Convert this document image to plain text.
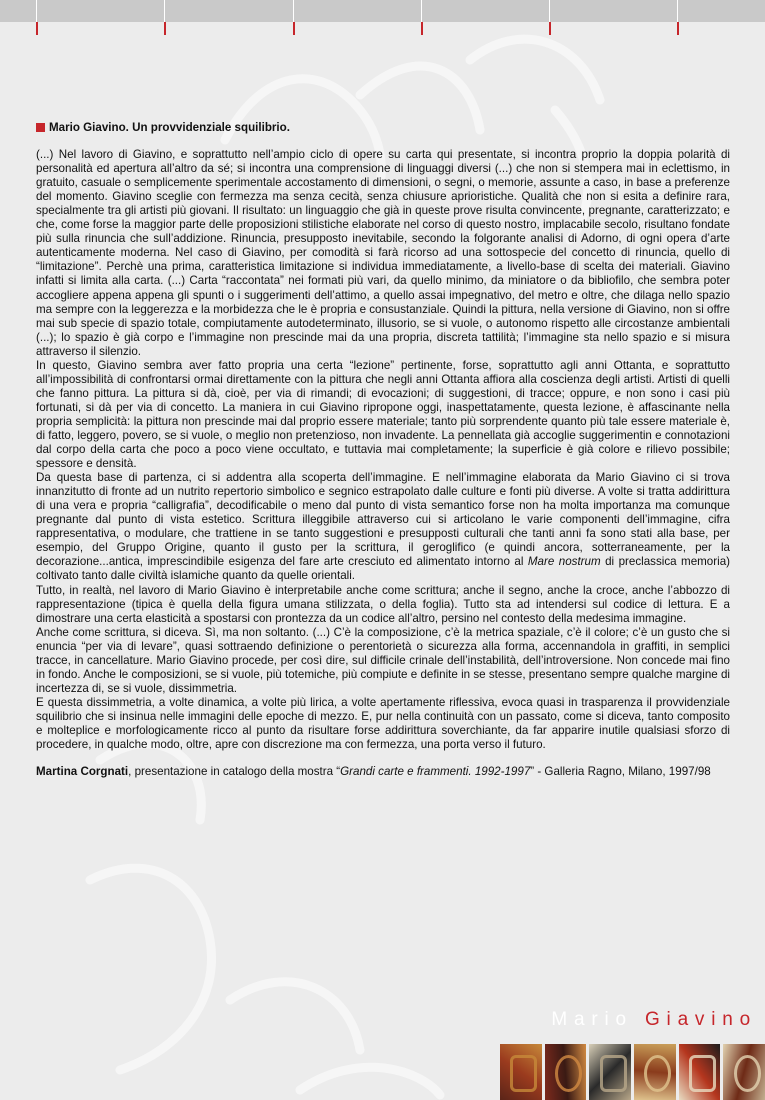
Mario Giavino. Un provvidenziale squilibrio.
(...) Nel lavoro di Giavino, e soprattutto nell’ampio ciclo di opere su carta qui presentate, si incontra proprio la doppia polarità di personalità ed apertura all’altro da sé; si incontra una comprensione di linguaggi diversi (...) che non si stempera mai in eclettismo, in gratuito, casuale o semplicemente sperimentale accostamento di dimensioni, o segni, o memorie, assunte a caso, in base a preferenze del momento. Giavino sceglie con fermezza ma senza cecità, senza chiusure aprioristiche. Qualità che non si esita a definire rara, specialmente tra gli artisti più giovani. Il risultato: un linguaggio che già in queste prove risulta convincente, pregnante, caratterizzato; e che, come forse la maggior parte delle proposizioni stilistiche elaborate nel corso di questo nostro, implacabile secolo, risultano fondate più sulla rinuncia che sull’addizione. Rinuncia, presupposto inevitabile, secondo la folgorante analisi di Adorno, di ogni opera d’arte autenticamente moderna. Nel caso di Giavino, per comodità si farà ricorso ad una sottospecie del concetto di rinuncia, quello di “limitazione”. Perchè una prima, caratteristica limitazione si individua immediatamente, a livello-base di scelta dei materiali. Giavino infatti si limita alla carta. (...) Carta “raccontata” nei formati più vari, da quello minimo, da miniatore o da bibliofilo, che sembra poter accogliere appena appena gli spunti o i suggerimenti dell’attimo, a quello assai impegnativo, del metro e oltre, che dilaga nello spazio ma sempre con la leggerezza e la morbidezza che le è propria e consustanziale. Quindi la pittura, nella versione di Giavino, non si offre mai sub specie di spazio totale, compiutamente autodeterminato, illusorio, se si vuole, o autonomo rispetto alle circostanze ambientali (...); lo spazio è già corpo e l’immagine non prescinde mai da una propria, discreta tattilità; l’immagine sta nello spazio e si misura attraverso il silenzio.
In questo, Giavino sembra aver fatto propria una certa “lezione” pertinente, forse, soprattutto agli anni Ottanta, e soprattutto all’impossibilità di confrontarsi ormai direttamente con la pittura che negli anni Ottanta affiora alla coscienza degli artisti. Artisti di quelli che fanno pittura. La pittura si dà, cioè, per via di rimandi; di evocazioni; di suggestioni, di tracce; oppure, e non sono i casi più fortunati, si dà per via di concetto. La maniera in cui Giavino ripropone oggi, inaspettatamente, questa lezione, è affascinante nella propria semplicità: la pittura non prescinde mai dal proprio essere materiale; tanto più sorprendente quanto più tale essere materiale è, di fatto, leggero, povero, se si vuole, o meglio non pretenzioso, non invadente. La pennellata già accoglie suggerimentin e connotazioni dal corpo della carta che poco a poco viene occultato, e tuttavia mai completamente; la superficie è già colore e rilievo possibile; spessore e densità.
Da questa base di partenza, ci si addentra alla scoperta dell’immagine. E nell’immagine elaborata da Mario Giavino ci si trova innanzitutto di fronte ad un nutrito repertorio simbolico e segnico estrapolato dalle culture e fonti più diverse. A volte si tratta addirittura di una vera e propria “calligrafia”, decodificabile o meno dal punto di vista semantico forse non ha molta importanza ma comunque pregnante dal punto di vista estetico. Scrittura illeggibile attraverso cui si articolano le varie componenti dell’immagine, cifra rappresentativa, o modulare, che trattiene in se tanto suggestioni e presupposti culturali che tanti anni fa sono stati alla base, per esempio, del Gruppo Origine, quanto il gusto per la scrittura, il geroglifico (e quindi ancora, sotterraneamente, per la decorazione...antica, imprescindibile esigenza del fare arte cresciuto ed alimentato intorno al Mare nostrum di preclassica memoria) coltivato tanto dalle civiltà islamiche quanto da quelle orientali.
Tutto, in realtà, nel lavoro di Mario Giavino è interpretabile anche come scrittura; anche il segno, anche la croce, anche l’abbozzo di rappresentazione (tipica è quella della figura umana stilizzata, o della foglia). Tutto sta ad intendersi sul codice di lettura. E a dimostrare una certa elasticità a spostarsi con prontezza da un codice all’altro, persino nel contesto della medesima immagine.
Anche come scrittura, si diceva. Sì, ma non soltanto. (...) C’è la composizione, c’è la metrica spaziale, c’è il colore; c’è un gusto che si enuncia “per via di levare”, quasi sottraendo definizione o perentorietà o sicurezza alla forma, accennandola in graffiti, in semplici tracce, in cancellature. Mario Giavino procede, per così dire, sul difficile crinale dell’instabilità, dell’introversione. Non concede mai fino in fondo. Anche le composizioni, se si vuole, più totemiche, più compiute e definite in se stesse, presentano sempre qualche margine di incertezza di, se si vuole, dissimmetria.
E questa dissimmetria, a volte dinamica, a volte più lirica, a volte apertamente riflessiva, evoca quasi in trasparenza il provvidenziale squilibrio che si insinua nelle immagini delle epoche di mezzo. E, pur nella continuità con un passato, come si diceva, tanto composito e molteplice e morfologicamente ricco al punto da risultare forse addirittura soverchiante, da far apparire inutile qualsiasi sforzo di procedere, in qualche modo, oltre, apre con discrezione ma con fermezza, una porta verso il futuro.
Martina Corgnati, presentazione in catalogo della mostra “Grandi carte e frammenti. 1992-1997” - Galleria Ragno, Milano, 1997/98
Mario Giavino
